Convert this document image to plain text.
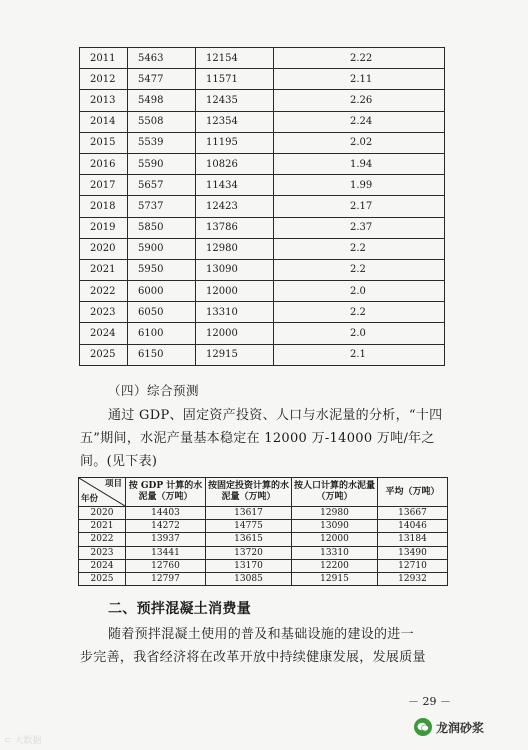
2011	5463	12154	2.22
2012	5477	11571	2.11
2013	5498	12435	2.26
2014	5508	12354	2.24
2015	5539	11195	2.02
2016	5590	10826	1.94
2017	5657	11434	1.99
2018	5737	12423	2.17
2019	5850	13786	2.37
2020	5900	12980	2.2
2021	5950	13090	2.2
2022	6000	12000	2.0
2023	6050	13310	2.2
2024	6100	12000	2.0
2025	6150	12915	2.1
（四）综合预测
通过 GDP、固定资产投资、人口与水泥量的分析，“十四
五”期间，水泥产量基本稳定在 12000 万-14000 万吨/年之
间。(见下表)
项目
年份	按 GDP 计算的水泥量（万吨）	按固定投资计算的水泥量（万吨）	按人口计算的水泥量（万吨）	平均（万吨）
2020	14403	13617	12980	13667
2021	14272	14775	13090	14046
2022	13937	13615	12000	13184
2023	13441	13720	13310	13490
2024	12760	13170	12200	12710
2025	12797	13085	12915	12932
二、预拌混凝土消费量
随着预拌混凝土使用的普及和基础设施的建设的进一
步完善，我省经济将在改革开放中持续健康发展，发展质量
－ 29 －
⊂ 大数据
龙润砂浆
